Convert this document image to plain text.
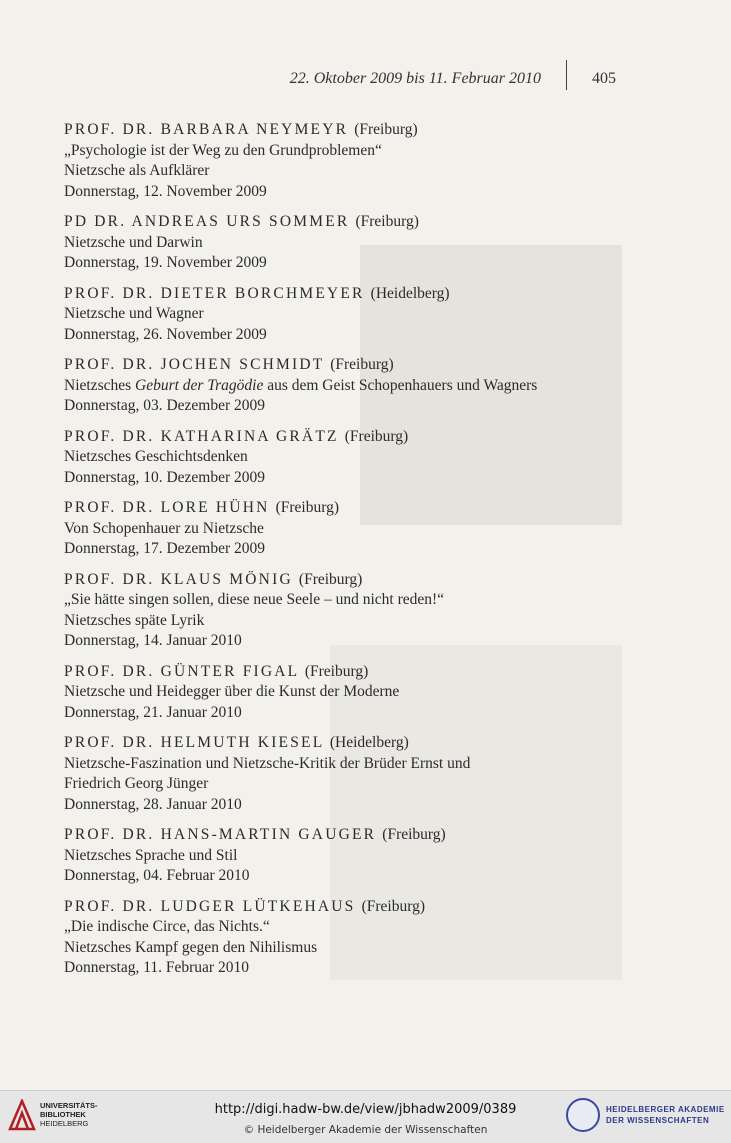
22. Oktober 2009 bis 11. Februar 2010	405

PROF. DR. BARBARA NEYMEYR (Freiburg)

„Psychologie ist der Weg zu den Grundproblemen“

Nietzsche als Aufklärer

Donnerstag, 12. November 2009

PD DR. ANDREAS URS SOMMER (Freiburg)

Nietzsche und Darwin

Donnerstag, 19. November 2009

PROF. DR. DIETER BORCHMEYER (Heidelberg)

Nietzsche und Wagner

Donnerstag, 26. November 2009

PROF. DR. JOCHEN SCHMIDT (Freiburg)

Nietzsches Geburt der Tragödie aus dem Geist Schopenhauers und Wagners

Donnerstag, 03. Dezember 2009

PROF. DR. KATHARINA GRÄTZ (Freiburg)

Nietzsches Geschichtsdenken

Donnerstag, 10. Dezember 2009

PROF. DR. LORE HÜHN (Freiburg)

Von Schopenhauer zu Nietzsche

Donnerstag, 17. Dezember 2009

PROF. DR. KLAUS MÖNIG (Freiburg)

„Sie hätte singen sollen, diese neue Seele – und nicht reden!“

Nietzsches späte Lyrik

Donnerstag, 14. Januar 2010

PROF. DR. GÜNTER FIGAL (Freiburg)

Nietzsche und Heidegger über die Kunst der Moderne

Donnerstag, 21. Januar 2010

PROF. DR. HELMUTH KIESEL (Heidelberg)

Nietzsche-Faszination und Nietzsche-Kritik der Brüder Ernst und

Friedrich Georg Jünger

Donnerstag, 28. Januar 2010

PROF. DR. HANS-MARTIN GAUGER (Freiburg)

Nietzsches Sprache und Stil

Donnerstag, 04. Februar 2010

PROF. DR. LUDGER LÜTKEHAUS (Freiburg)

„Die indische Circe, das Nichts.“

Nietzsches Kampf gegen den Nihilismus

Donnerstag, 11. Februar 2010

UNIVERSITÄTS-
BIBLIOTHEK
HEIDELBERG
http://digi.hadw-bw.de/view/jbhadw2009/0389
© Heidelberger Akademie der Wissenschaften
HEIDELBERGER AKADEMIE
DER WISSENSCHAFTEN
